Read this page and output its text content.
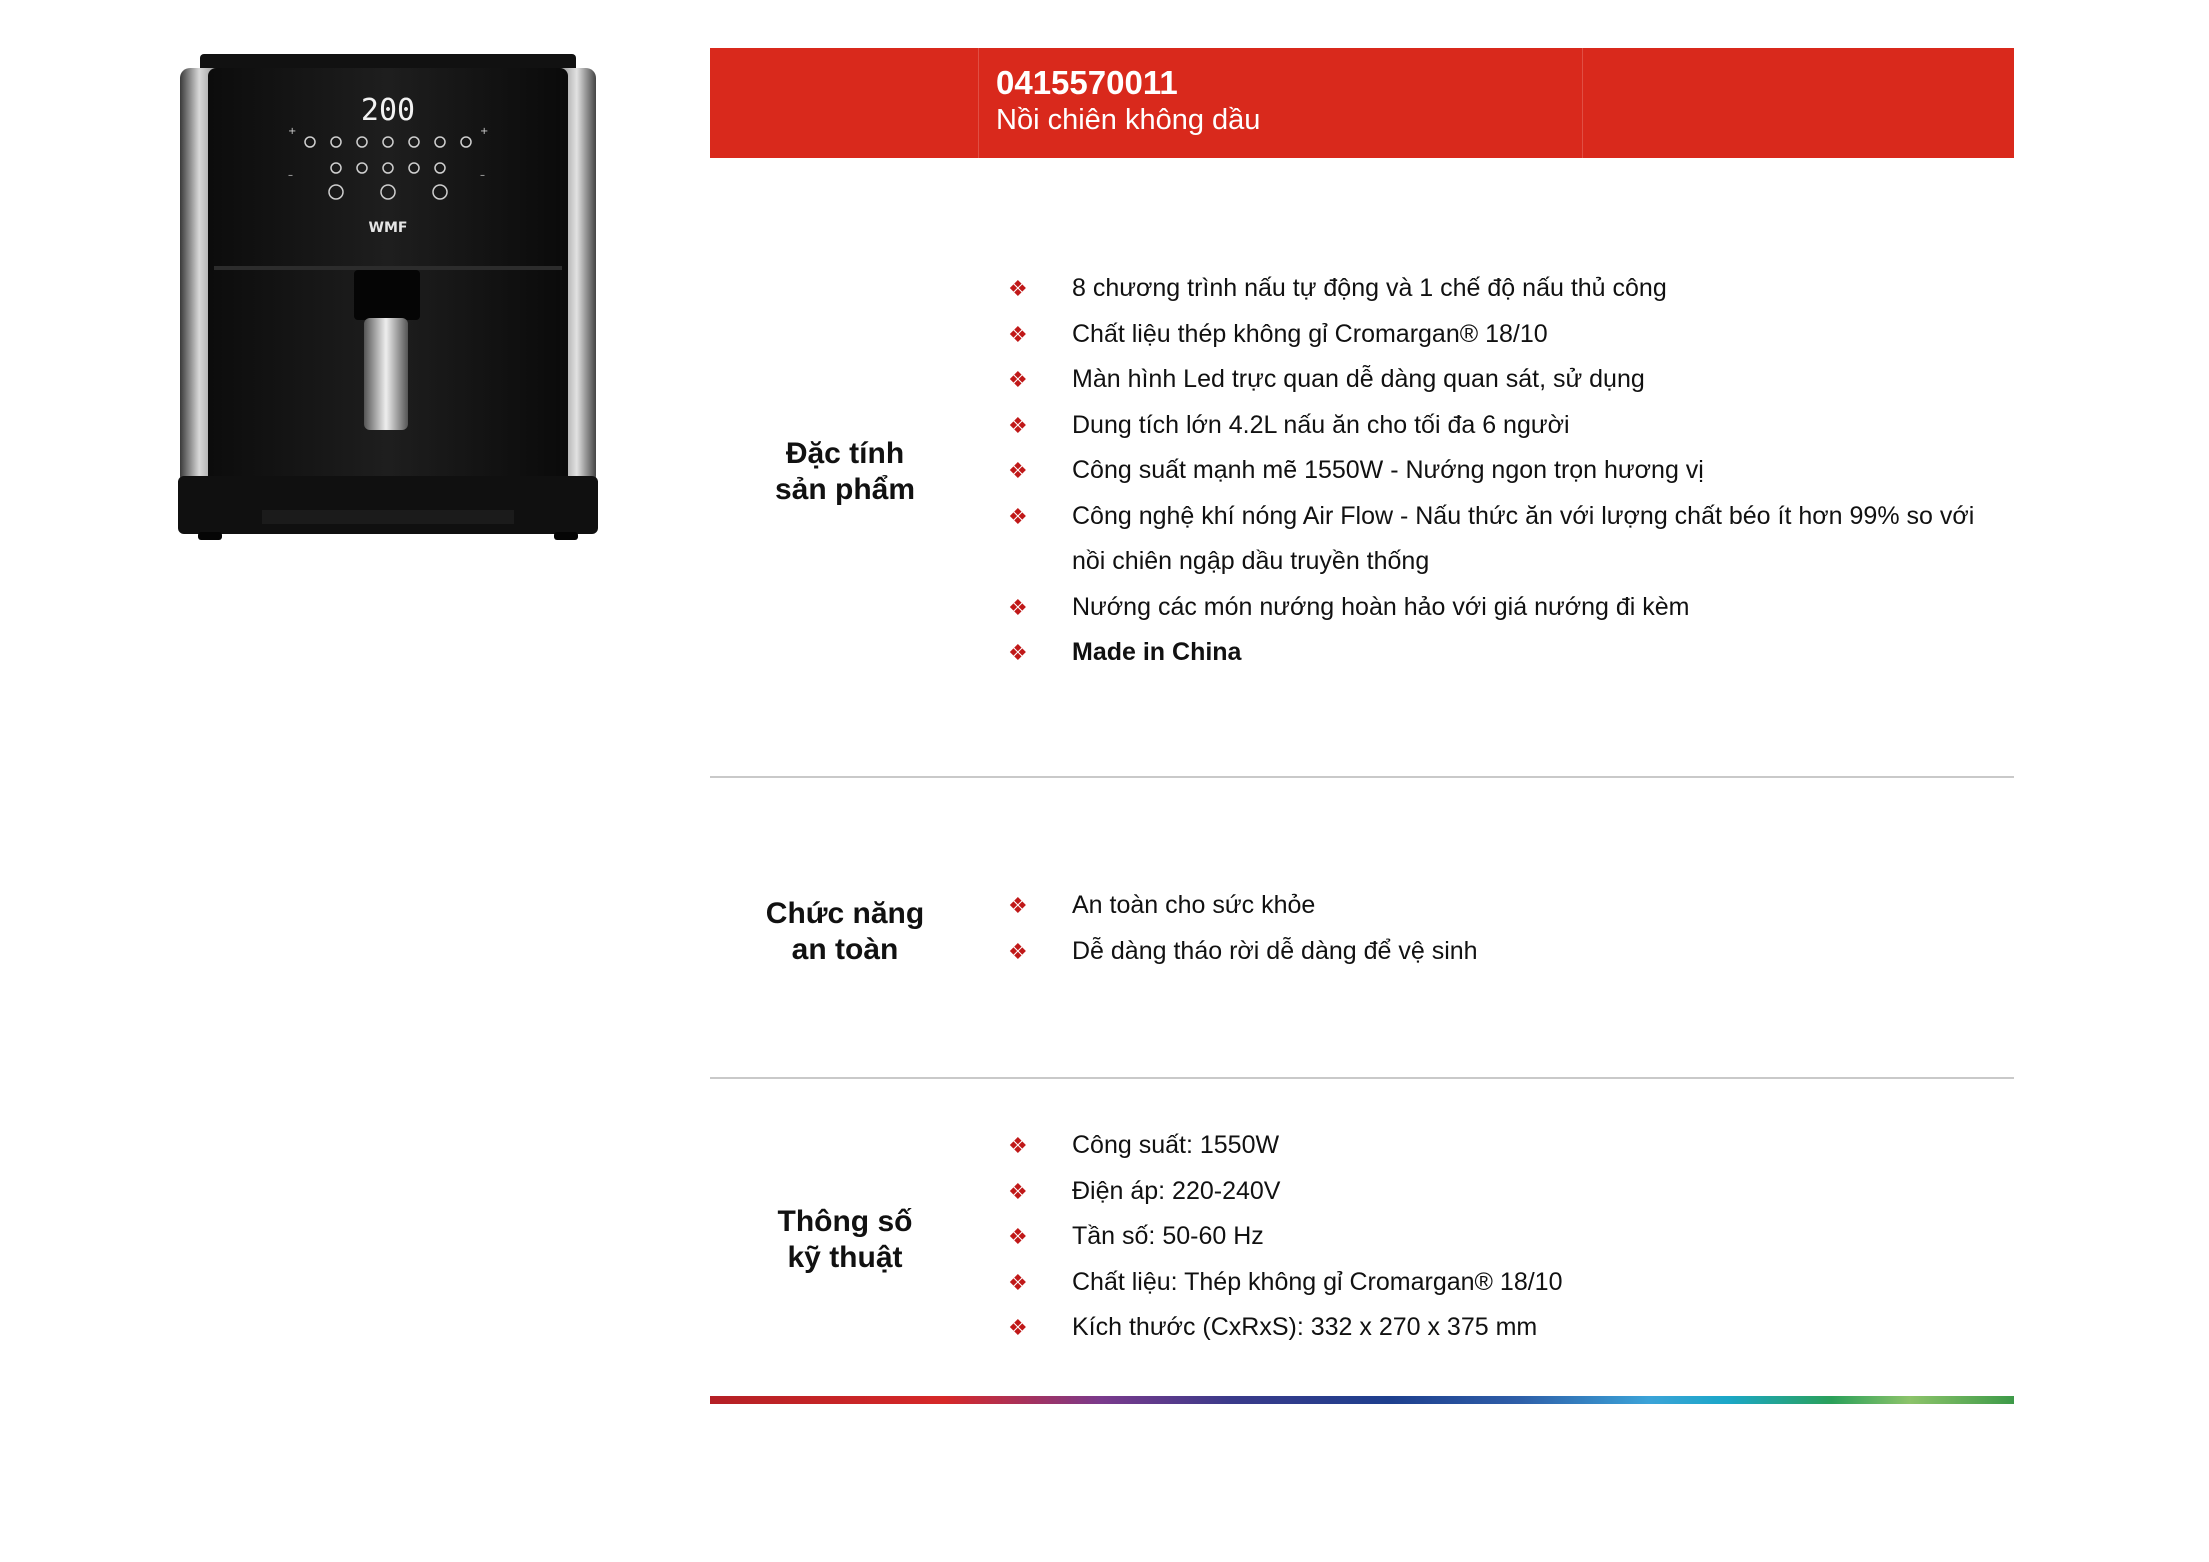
200
+
–
+
–
WMF
0415570011
Nồi chiên không dầu
Đặc tính
sản phẩm
❖ 8 chương trình nấu tự động và 1 chế độ nấu thủ công
❖ Chất liệu thép không gỉ Cromargan® 18/10
❖ Màn hình Led trực quan dễ dàng quan sát, sử dụng
❖ Dung tích lớn 4.2L nấu ăn cho tối đa 6 người
❖ Công suất mạnh mẽ 1550W - Nướng ngon trọn hương vị
❖ Công nghệ khí nóng Air Flow - Nấu thức ăn với lượng chất béo ít hơn 99% so với nồi chiên ngập dầu truyền thống
❖ Nướng các món nướng hoàn hảo với giá nướng đi kèm
❖ Made in China
Chức năng
an toàn
❖ An toàn cho sức khỏe
❖ Dễ dàng tháo rời dễ dàng để vệ sinh
Thông số
kỹ thuật
❖ Công suất: 1550W
❖ Điện áp: 220-240V
❖ Tần số: 50-60 Hz
❖ Chất liệu: Thép không gỉ Cromargan® 18/10
❖ Kích thước (CxRxS): 332 x 270 x 375 mm
